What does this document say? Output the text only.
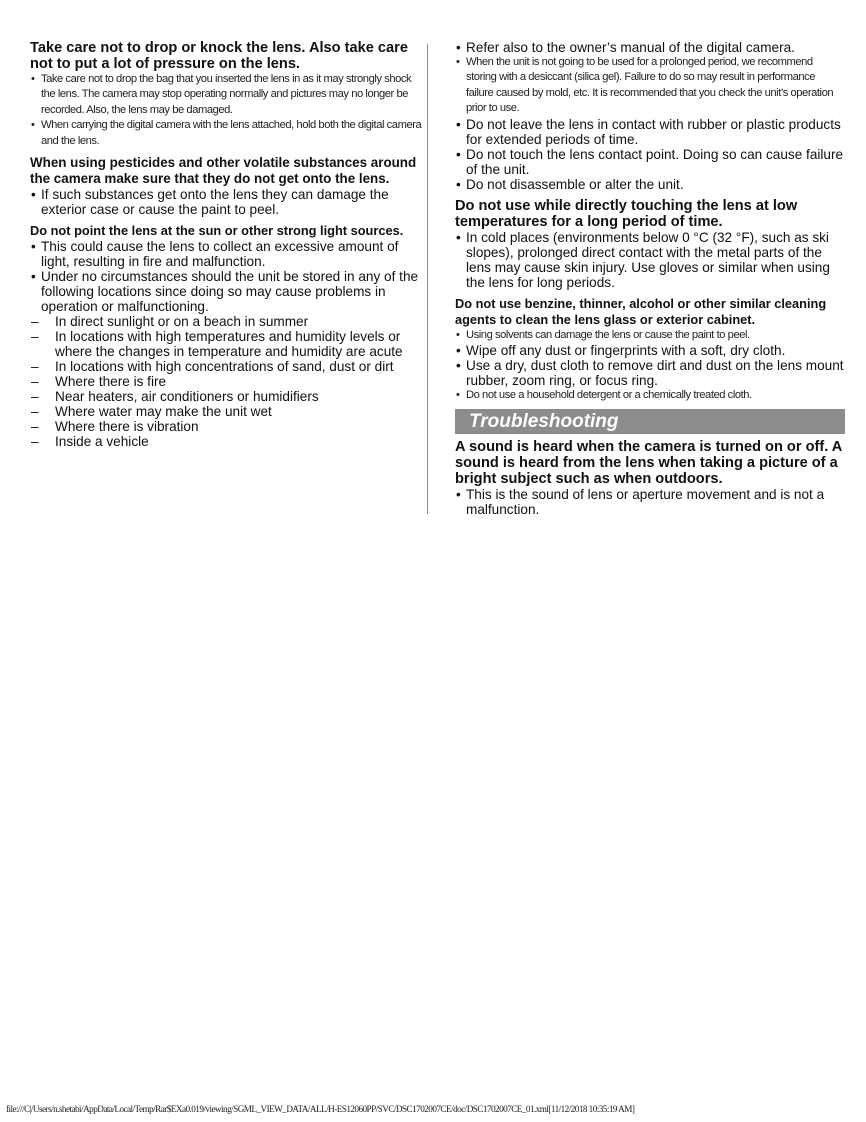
Take care not to drop or knock the lens. Also take care not to put a lot of pressure on the lens.

• Take care not to drop the bag that you inserted the lens in as it may strongly shock the lens. The camera may stop operating normally and pictures may no longer be recorded. Also, the lens may be damaged.

• When carrying the digital camera with the lens attached, hold both the digital camera and the lens.

When using pesticides and other volatile substances around the camera make sure that they do not get onto the lens.

• If such substances get onto the lens they can damage the exterior case or cause the paint to peel.

Do not point the lens at the sun or other strong light sources.

• This could cause the lens to collect an excessive amount of light, resulting in fire and malfunction.

• Under no circumstances should the unit be stored in any of the following locations since doing so may cause problems in operation or malfunctioning.

– In direct sunlight or on a beach in summer

– In locations with high temperatures and humidity levels or where the changes in temperature and humidity are acute

– In locations with high concentrations of sand, dust or dirt

– Where there is fire

– Near heaters, air conditioners or humidifiers

– Where water may make the unit wet

– Where there is vibration

– Inside a vehicle

• Refer also to the owner’s manual of the digital camera.

• When the unit is not going to be used for a prolonged period, we recommend storing with a desiccant (silica gel). Failure to do so may result in performance failure caused by mold, etc. It is recommended that you check the unit’s operation prior to use.

• Do not leave the lens in contact with rubber or plastic products for extended periods of time.

• Do not touch the lens contact point. Doing so can cause failure of the unit.

• Do not disassemble or alter the unit.

Do not use while directly touching the lens at low temperatures for a long period of time.

• In cold places (environments below 0 °C (32 °F), such as ski slopes), prolonged direct contact with the metal parts of the lens may cause skin injury. Use gloves or similar when using the lens for long periods.

Do not use benzine, thinner, alcohol or other similar cleaning agents to clean the lens glass or exterior cabinet.

• Using solvents can damage the lens or cause the paint to peel.

• Wipe off any dust or fingerprints with a soft, dry cloth.

• Use a dry, dust cloth to remove dirt and dust on the lens mount rubber, zoom ring, or focus ring.

• Do not use a household detergent or a chemically treated cloth.

Troubleshooting

A sound is heard when the camera is turned on or off. A sound is heard from the lens when taking a picture of a bright subject such as when outdoors.

• This is the sound of lens or aperture movement and is not a malfunction.

file:///C|/Users/n.shetabi/AppData/Local/Temp/Rar$EXa0.019/viewing/SGML_VIEW_DATA/ALL/H-ES12060PP/SVC/DSC1702007CE/doc/DSC1702007CE_01.xml[11/12/2018 10:35:19 AM]
